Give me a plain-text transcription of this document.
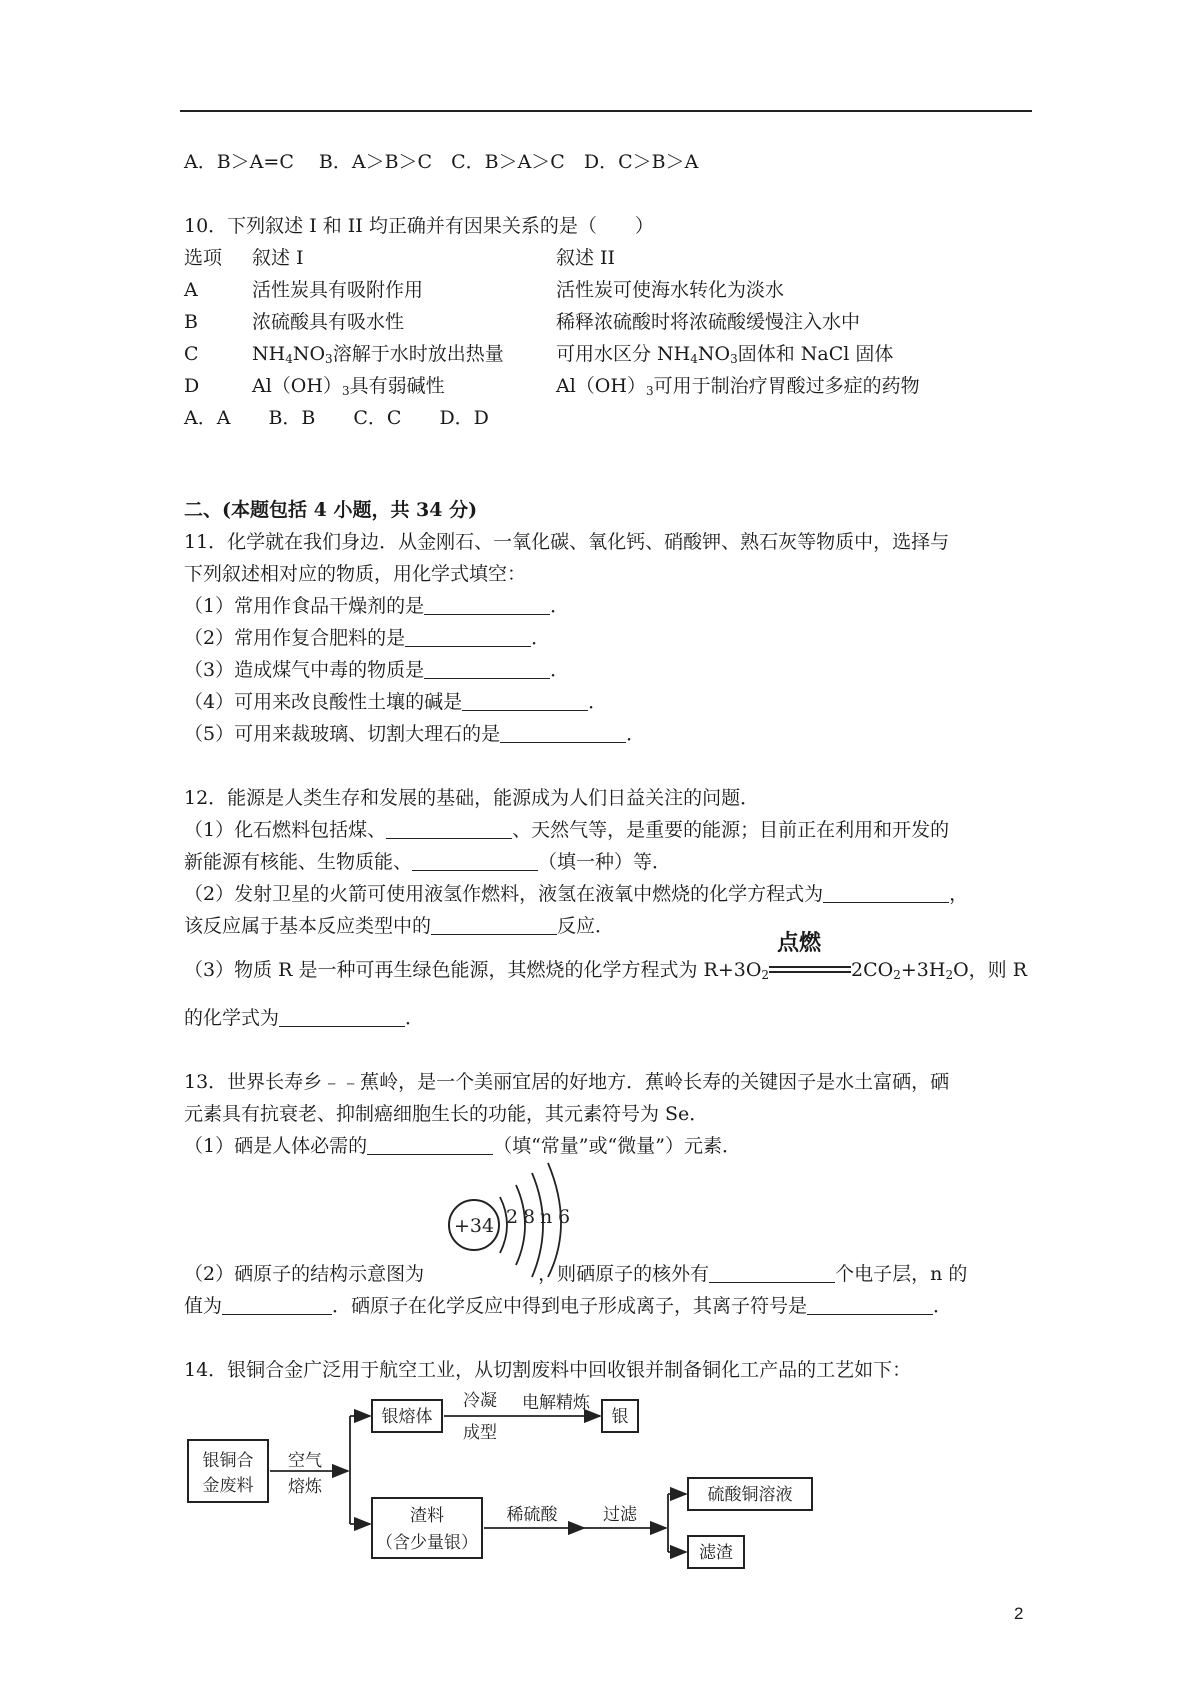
A．B＞A=C　 B．A＞B＞C　C．B＞A＞C　D．C＞B＞A
10．下列叙述 I 和 II 均正确并有因果关系的是（　　）
选项 叙述 I	叙述 II
A	活性炭具有吸附作用	活性炭可使海水转化为淡水
B	浓硫酸具有吸水性	稀释浓硫酸时将浓硫酸缓慢注入水中
C	$NH_4NO_3$溶解于水时放出热量	可用水区分 $NH_4NO_3$固体和 NaCl 固体
D	$Al(OH)_3$具有弱碱性	$Al(OH)_3$可用于制治疗胃酸过多症的药物
A．A　　B．B　　C．C　　D．D
二、(本题包括 4 小题，共 34 分)
11．化学就在我们身边．从金刚石、一氧化碳、氧化钙、硝酸钾、熟石灰等物质中，选择与
下列叙述相对应的物质，用化学式填空：
（1）常用作食品干燥剂的是	．
（2）常用作复合肥料的是	．
（3）造成煤气中毒的物质是	．
（4）可用来改良酸性土壤的碱是	．
（5）可用来裁玻璃、切割大理石的是	．
12．能源是人类生存和发展的基础，能源成为人们日益关注的问题．
（1）化石燃料包括煤、	、天然气等，是重要的能源；目前正在利用和开发的
新能源有核能、生物质能、	（填一种）等．
（2）发射卫星的火箭可使用液氢作燃料，液氢在液氧中燃烧的化学方程式为	，
该反应属于基本反应类型中的	反应．
（3）物质 R 是一种可再生绿色能源，其燃烧的化学方程式为 $R+3O_2$
点燃
$2CO_2+3H_2O$，则 R
的化学式为	．
13．世界长寿乡﹣﹣蕉岭，是一个美丽宜居的好地方．蕉岭长寿的关键因子是水土富硒，硒
元素具有抗衰老、抑制癌细胞生长的功能，其元素符号为 Se．
（1）硒是人体必需的	（填“常量”或“微量”）元素．
+34 2 8 n 6
（2）硒原子的结构示意图为	，则硒原子的核外有	个电子层，n 的
值为	．硒原子在化学反应中得到电子形成离子，其离子符号是	．
14．银铜合金广泛用于航空工业，从切割废料中回收银并制备铜化工产品的工艺如下：
银铜合
金废料
空气
熔炼
银熔体
冷凝
成型
电解精炼
银
渣料
（含少量银）
稀硫酸	过滤
硫酸铜溶液
滤渣
2
